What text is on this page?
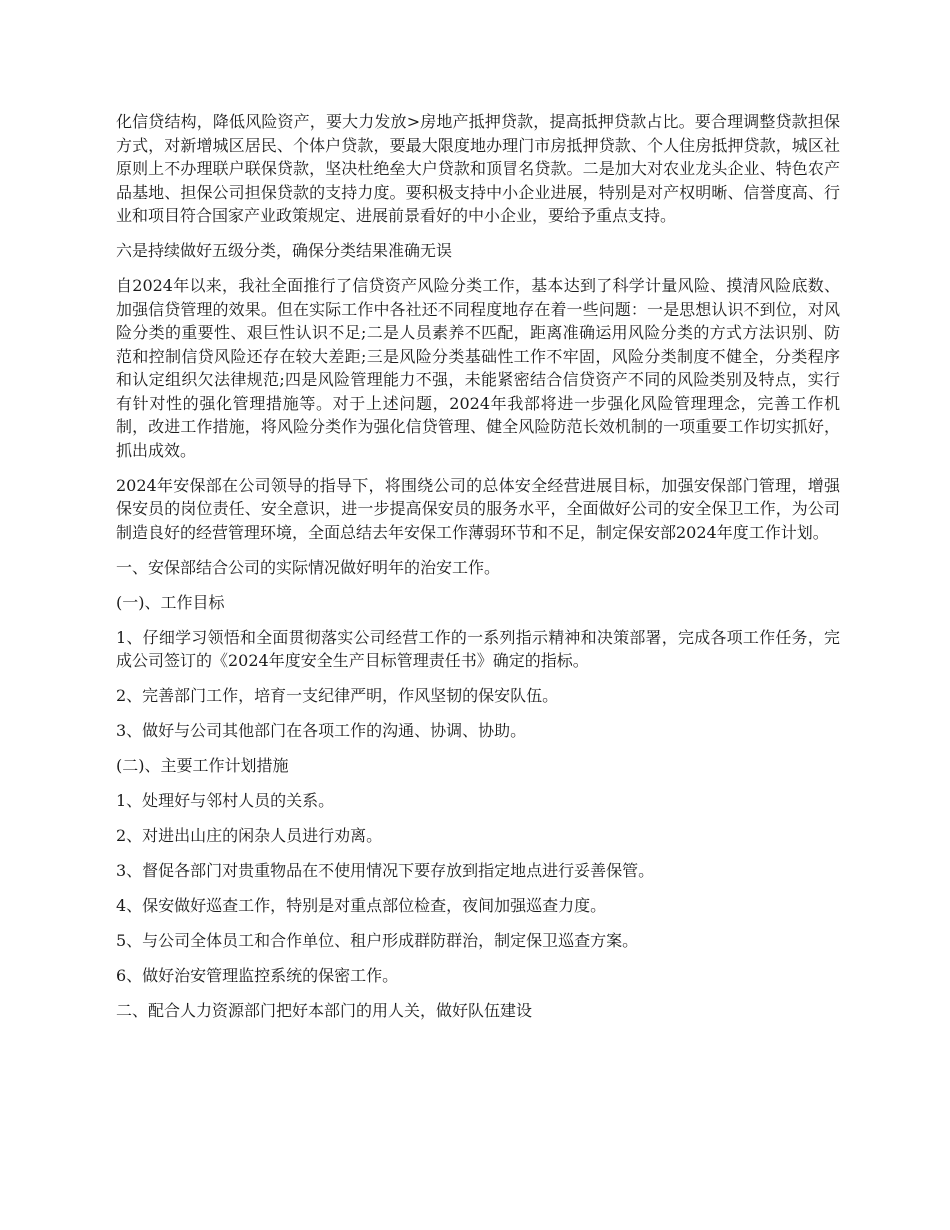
化信贷结构，降低风险资产，要大力发放>房地产抵押贷款，提高抵押贷款占比。要合理调整贷款担保方式，对新增城区居民、个体户贷款，要最大限度地办理门市房抵押贷款、个人住房抵押贷款，城区社原则上不办理联户联保贷款，坚决杜绝垒大户贷款和顶冒名贷款。二是加大对农业龙头企业、特色农产品基地、担保公司担保贷款的支持力度。要积极支持中小企业进展，特别是对产权明晰、信誉度高、行业和项目符合国家产业政策规定、进展前景看好的中小企业，要给予重点支持。

六是持续做好五级分类，确保分类结果准确无误

自2024年以来，我社全面推行了信贷资产风险分类工作，基本达到了科学计量风险、摸清风险底数、加强信贷管理的效果。但在实际工作中各社还不同程度地存在着一些问题：一是思想认识不到位，对风险分类的重要性、艰巨性认识不足;二是人员素养不匹配，距离准确运用风险分类的方式方法识别、防范和控制信贷风险还存在较大差距;三是风险分类基础性工作不牢固，风险分类制度不健全，分类程序和认定组织欠法律规范;四是风险管理能力不强，未能紧密结合信贷资产不同的风险类别及特点，实行有针对性的强化管理措施等。对于上述问题，2024年我部将进一步强化风险管理理念，完善工作机制，改进工作措施，将风险分类作为强化信贷管理、健全风险防范长效机制的一项重要工作切实抓好，抓出成效。

2024年安保部在公司领导的指导下，将围绕公司的总体安全经营进展目标，加强安保部门管理，增强保安员的岗位责任、安全意识，进一步提高保安员的服务水平，全面做好公司的安全保卫工作，为公司制造良好的经营管理环境，全面总结去年安保工作薄弱环节和不足，制定保安部2024年度工作计划。

一、安保部结合公司的实际情况做好明年的治安工作。

(一)、工作目标

1、仔细学习领悟和全面贯彻落实公司经营工作的一系列指示精神和决策部署，完成各项工作任务，完成公司签订的《2024年度安全生产目标管理责任书》确定的指标。

2、完善部门工作，培育一支纪律严明，作风坚韧的保安队伍。

3、做好与公司其他部门在各项工作的沟通、协调、协助。

(二)、主要工作计划措施

1、处理好与邻村人员的关系。

2、对进出山庄的闲杂人员进行劝离。

3、督促各部门对贵重物品在不使用情况下要存放到指定地点进行妥善保管。

4、保安做好巡查工作，特别是对重点部位检查，夜间加强巡查力度。

5、与公司全体员工和合作单位、租户形成群防群治，制定保卫巡查方案。

6、做好治安管理监控系统的保密工作。

二、配合人力资源部门把好本部门的用人关，做好队伍建设
